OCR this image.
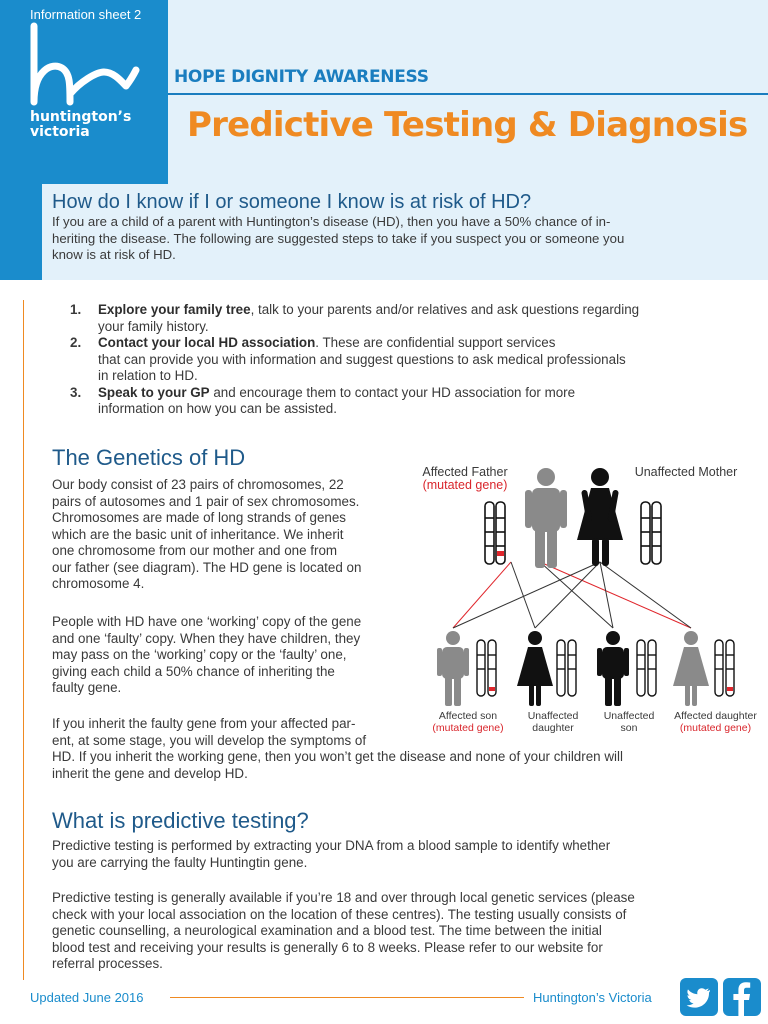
Information sheet 2
huntington’s
victoria
HOPE DIGNITY AWARENESS
Predictive Testing & Diagnosis
How do I know if I or someone I know is at risk of HD?
If you are a child of a parent with Huntington’s disease (HD), then you have a 50% chance of in-
heriting the disease. The following are suggested steps to take if you suspect you or someone you
know is at risk of HD.
1. Explore your family tree, talk to your parents and/or relatives and ask questions regarding
your family history.
2. Contact your local HD association. These are confidential support services
that can provide you with information and suggest questions to ask medical professionals
in relation to HD.
3. Speak to your GP and encourage them to contact your HD association for more
information on how you can be assisted.
The Genetics of HD
Our body consist of 23 pairs of chromosomes, 22
pairs of autosomes and 1 pair of sex chromosomes.
Chromosomes are made of long strands of genes
which are the basic unit of inheritance. We inherit
one chromosome from our mother and one from
our father (see diagram). The HD gene is located on
chromosome 4.
People with HD have one ‘working’ copy of the gene
and one ‘faulty’ copy. When they have children, they
may pass on the ‘working’ copy or the ‘faulty’ one,
giving each child a 50% chance of inheriting the
faulty gene.
If you inherit the faulty gene from your affected par-
ent, at some stage, you will develop the symptoms of
HD. If you inherit the working gene, then you won’t get the disease and none of your children will
inherit the gene and develop HD.
Affected Father
(mutated gene)
Unaffected Mother
Affected son
(mutated gene)
Unaffected
daughter
Unaffected
son
Affected daughter
(mutated gene)
What is predictive testing?
Predictive testing is performed by extracting your DNA from a blood sample to identify whether
you are carrying the faulty Huntingtin gene.
Predictive testing is generally available if you’re 18 and over through local genetic services (please
check with your local association on the location of these centres). The testing usually consists of
genetic counselling, a neurological examination and a blood test. The time between the initial
blood test and receiving your results is generally 6 to 8 weeks. Please refer to our website for
referral processes.
Updated June 2016	Huntington’s Victoria
